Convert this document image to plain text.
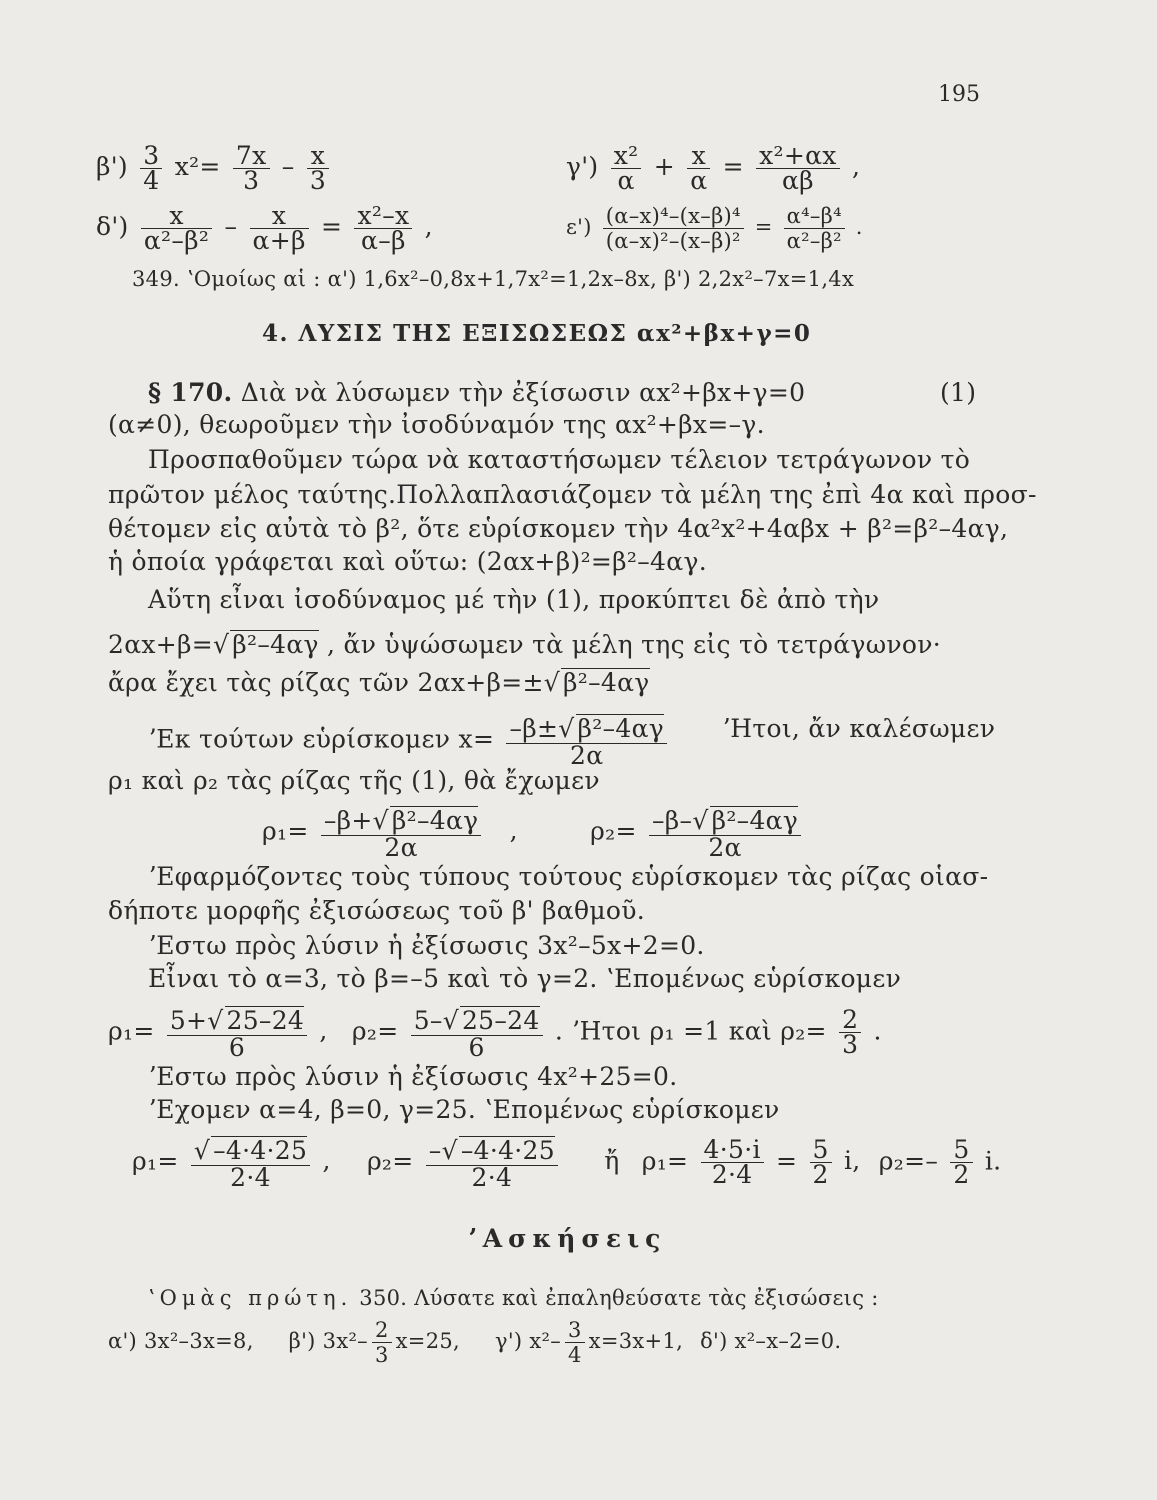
195
$\beta') \frac{3}{4} x^2= \frac{7x}{3} - \frac{x}{3}$	$\gamma') \frac{\text{x²}}{\alpha} + \frac{x}{\alpha} = \frac{\text{x²+αx}}{\alpha\beta}$ ,
$\delta') \frac{x}{\text{α²–β²}} - \frac{x}{\alpha+\beta} = \frac{\text{x²–x}}{\alpha-\beta}$ ,	$\varepsilon') \frac{\text{(α–x)⁴–(x–β)⁴}}{\text{(α–x)²–(x–β)²}} = \frac{\text{α⁴–β⁴}}{\text{α²–β²}}$ .
349. ʽΟμοίως αἱ : α') 1,6x²–0,8x+1,7x²=1,2x–8x, β') 2,2x²–7x=1,4x
4. ΛΥΣΙΣ ΤΗΣ ΕΞΙΣΩΣΕΩΣ αx²+βx+γ=0
§ 170. Διὰ νὰ λύσωμεν τὴν ἐξίσωσιν αx²+βx+γ=0	(1)
(α≠0), θεωροῦμεν τὴν ἰσοδύναμόν της αx²+βx=–γ.
Προσπαθοῦμεν τώρα νὰ καταστήσωμεν τέλειον τετράγωνον τὸ
πρῶτον μέλος ταύτης.Πολλαπλασιάζομεν τὰ μέλη της ἐπὶ 4α καὶ προσ-
θέτομεν εἰς αὐτὰ τὸ β², ὅτε εὑρίσκομεν τὴν 4α²x²+4αβx + β²=β²–4αγ,
ἡ ὁποία γράφεται καὶ οὕτω: (2αx+β)²=β²–4αγ.
Αὕτη εἶναι ἰσοδύναμος μέ τὴν (1), προκύπτει δὲ ἀπὸ τὴν
2αx+β=√ β²–4αγ , ἄν ὑψώσωμεν τὰ μέλη της εἰς τὸ τετράγωνον·
ἄρα ἔχει τὰς ρίζας τῶν 2αx+β=±√ β²–4αγ
ʼΕκ τούτων εὑρίσκομεν $x= \frac{\text{–β±√ β²–4αγ}}{2\alpha}$ ʼΗτοι, ἄν καλέσωμεν
ρ₁ καὶ ρ₂ τὰς ρίζας τῆς (1), θὰ ἔχωμεν
$\rho_1= \frac{\text{–β+√ β²–4αγ}}{2\alpha}$ ,	$\rho_2= \frac{\text{–β–√ β²–4αγ}}{2\alpha}$
ʼΕφαρμόζοντες τοὺς τύπους τούτους εὑρίσκομεν τὰς ρίζας οἱασ-
δήποτε μορφῆς ἐξισώσεως τοῦ β' βαθμοῦ.
ʼΕστω πρὸς λύσιν ἡ ἐξίσωσις 3x²–5x+2=0.
Εἶναι τὸ α=3, τὸ β=–5 καὶ τὸ γ=2. ʽΕπομένως εὑρίσκομεν
$\rho_1= \frac{5+√ 25-24}{6}$ , $\rho_2= \frac{5-√ 25-24}{6}$ . ʼΗτοι ρ₁ =1 καὶ $\rho_2= \frac{2}{3}$ .
ʼΕστω πρὸς λύσιν ἡ ἐξίσωσις 4x²+25=0.
ʼΕχομεν α=4, β=0, γ=25. ʽΕπομένως εὑρίσκομεν
$\rho_1= \frac{√ -4\cdot 4\cdot 25}{2\cdot 4}$ , $\rho_2= \frac{-√ -4\cdot 4\cdot 25}{2\cdot 4}$ ἤ $\rho_1= \frac{4\cdot 5\cdot i}{2\cdot 4} = \frac{5}{2} i$, $\rho_2=- \frac{5}{2} i$.
ʼΑσκήσεις
ʽΟμὰς πρώτη. 350. Λύσατε καὶ ἐπαληθεύσατε τὰς ἐξισώσεις :
α') 3x²–3x=8, β') $3x^2- \frac{2}{3} x=25$, γ') $x^2- \frac{3}{4} x=3x+1$, δ') x²–x–2=0.
